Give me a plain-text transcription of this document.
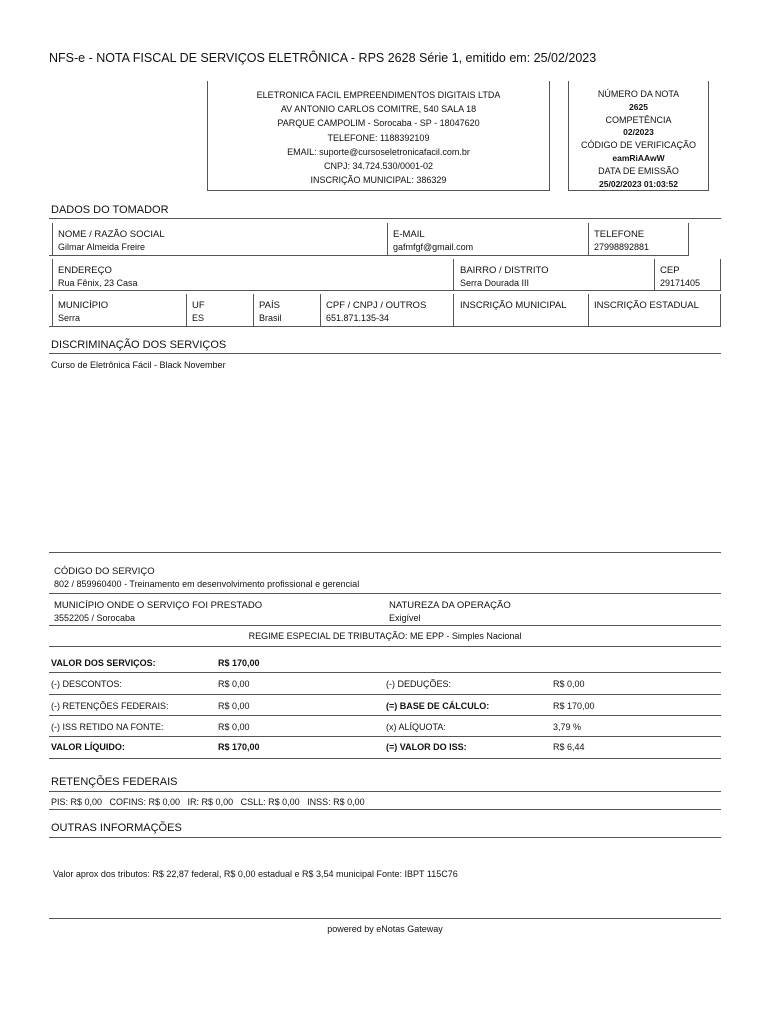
NFS-e - NOTA FISCAL DE SERVIÇOS ELETRÔNICA - RPS 2628 Série 1, emitido em: 25/02/2023
ELETRONICA FACIL EMPREENDIMENTOS DIGITAIS LTDA
AV ANTONIO CARLOS COMITRE, 540 SALA 18
PARQUE CAMPOLIM - Sorocaba - SP - 18047620
TELEFONE: 1188392109
EMAIL: suporte@cursoseletronicafacil.com.br
CNPJ: 34.724.530/0001-02
INSCRIÇÃO MUNICIPAL: 386329
NÚMERO DA NOTA
2625
COMPETÊNCIA
02/2023
CÓDIGO DE VERIFICAÇÃO
eamRiAAwW
DATA DE EMISSÃO
25/02/2023 01:03:52
DADOS DO TOMADOR
NOME / RAZÃO SOCIAL
Gilmar Almeida Freire
E-MAIL
gafmfgf@gmail.com
TELEFONE
27998892881
ENDEREÇO
Rua Fênix, 23 Casa
BAIRRO / DISTRITO
Serra Dourada III
CEP
29171405
MUNICÍPIO
Serra
UF
ES
PAÍS
Brasil
CPF / CNPJ / OUTROS
651.871.135-34
INSCRIÇÃO MUNICIPAL	INSCRIÇÃO ESTADUAL
DISCRIMINAÇÃO DOS SERVIÇOS
Curso de Eletrônica Fácil - Black November
CÓDIGO DO SERVIÇO
802 / 859960400 - Treinamento em desenvolvimento profissional e gerencial
MUNICÍPIO ONDE O SERVIÇO FOI PRESTADO
3552205 / Sorocaba
NATUREZA DA OPERAÇÃO
Exigível
REGIME ESPECIAL DE TRIBUTAÇÃO: ME EPP - Simples Nacional
VALOR DOS SERVIÇOS:	R$ 170,00
(-) DESCONTOS:	R$ 0,00	(-) DEDUÇÕES:	R$ 0,00
(-) RETENÇÕES FEDERAIS:	R$ 0,00	(=) BASE DE CÁLCULO:	R$ 170,00
(-) ISS RETIDO NA FONTE:	R$ 0,00	(x) ALÍQUOTA:	3,79 %
VALOR LÍQUIDO:	R$ 170,00	(=) VALOR DO ISS:	R$ 6,44
RETENÇÕES FEDERAIS
PIS: R$ 0,00   COFINS: R$ 0,00   IR: R$ 0,00   CSLL: R$ 0,00   INSS: R$ 0,00
OUTRAS INFORMAÇÕES
Valor aprox dos tributos: R$ 22,87 federal, R$ 0,00 estadual e R$ 3,54 municipal Fonte: IBPT 115C76
powered by eNotas Gateway
